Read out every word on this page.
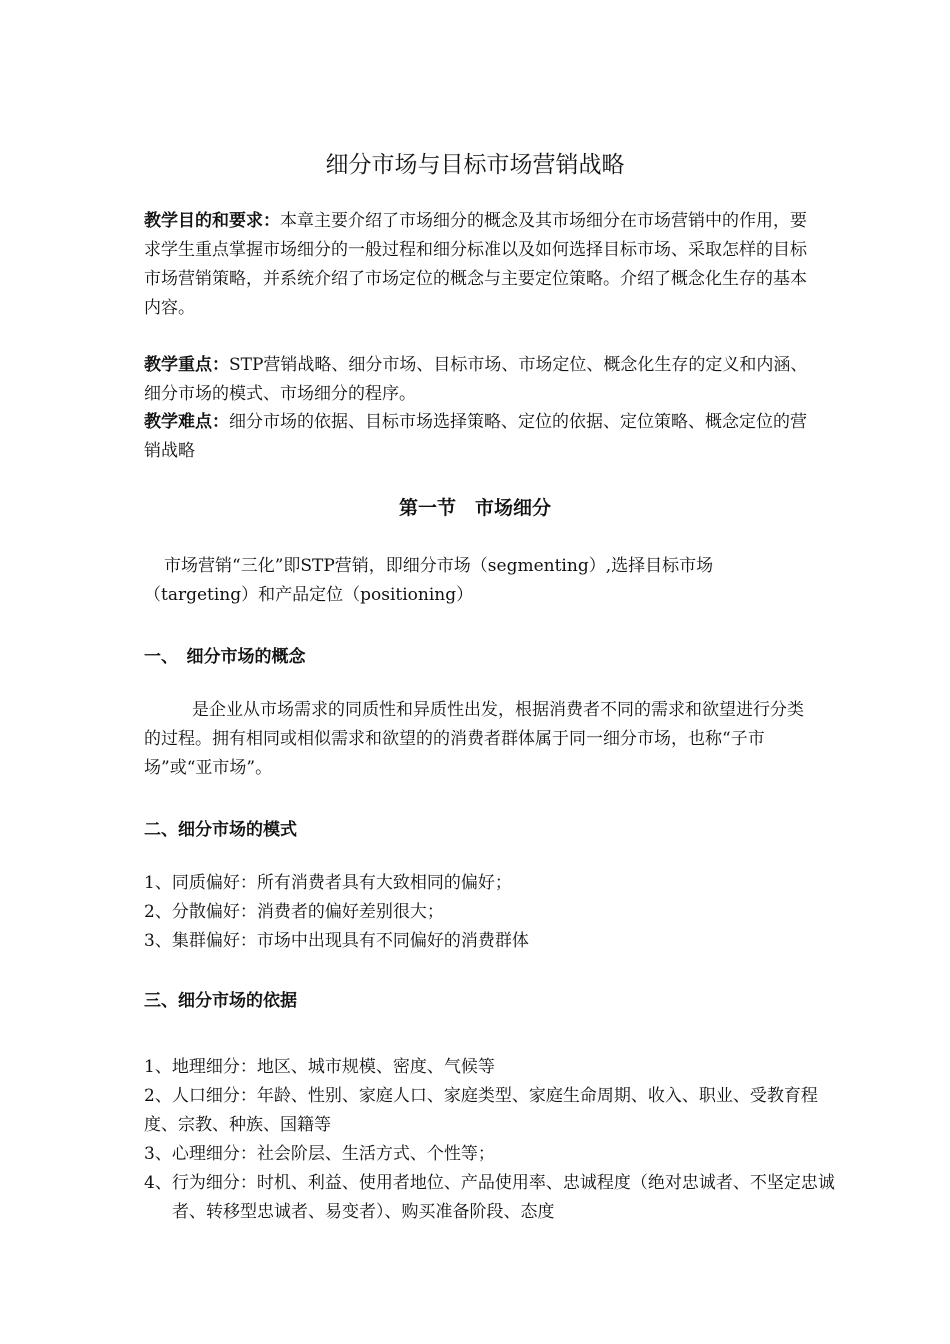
细分市场与目标市场营销战略

教学目的和要求：本章主要介绍了市场细分的概念及其市场细分在市场营销中的作用，要求学生重点掌握市场细分的一般过程和细分标准以及如何选择目标市场、采取怎样的目标市场营销策略，并系统介绍了市场定位的概念与主要定位策略。介绍了概念化生存的基本内容。

教学重点：STP营销战略、细分市场、目标市场、市场定位、概念化生存的定义和内涵、细分市场的模式、市场细分的程序。

教学难点：细分市场的依据、目标市场选择策略、定位的依据、定位策略、概念定位的营销战略

第一节　市场细分

市场营销“三化”即STP营销，即细分市场（segmenting）,选择目标市场（targeting）和产品定位（positioning）

一、　细分市场的概念

是企业从市场需求的同质性和异质性出发，根据消费者不同的需求和欲望进行分类的过程。拥有相同或相似需求和欲望的的消费者群体属于同一细分市场，也称“子市场”或“亚市场”。

二、细分市场的模式

1、同质偏好：所有消费者具有大致相同的偏好；

2、分散偏好：消费者的偏好差别很大；

3、集群偏好：市场中出现具有不同偏好的消费群体

三、细分市场的依据

1、地理细分：地区、城市规模、密度、气候等

2、人口细分：年龄、性别、家庭人口、家庭类型、家庭生命周期、收入、职业、受教育程度、宗教、种族、国籍等

3、心理细分：社会阶层、生活方式、个性等；

4、行为细分：时机、利益、使用者地位、产品使用率、忠诚程度（绝对忠诚者、不坚定忠诚者、转移型忠诚者、易变者）、购买准备阶段、态度
